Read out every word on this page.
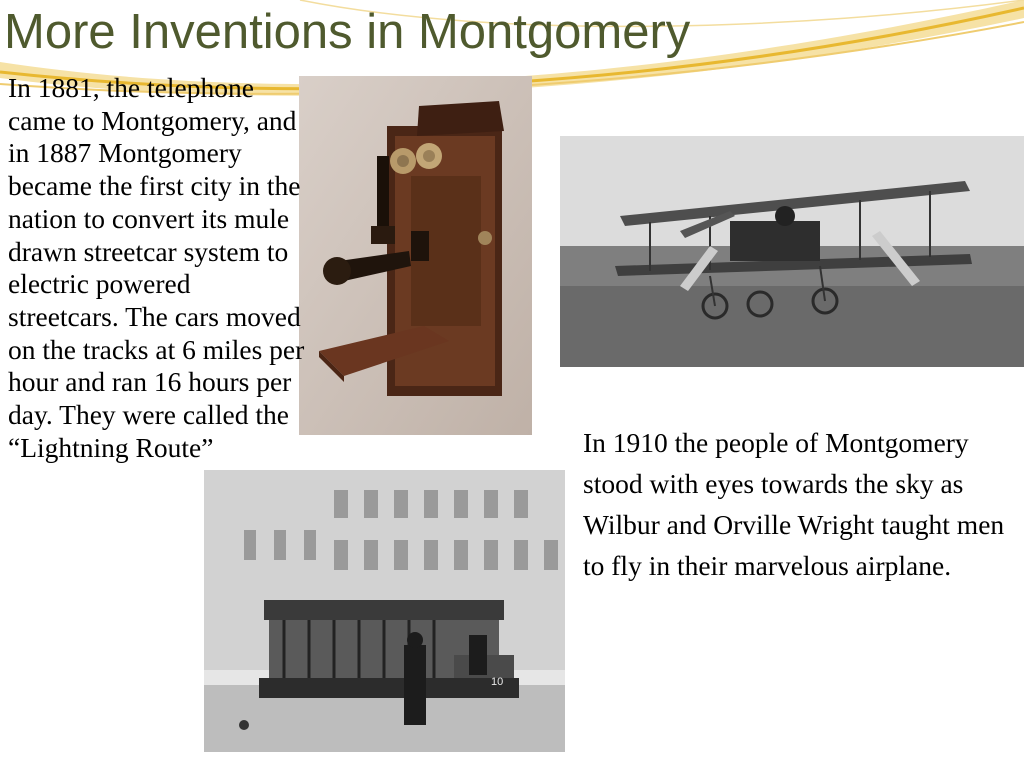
More Inventions in Montgomery
10

In 1881, the telephone came to Montgomery, and in 1887 Montgomery became the first city in the nation to convert its mule drawn streetcar system to electric powered streetcars. The cars moved on the tracks at 6 miles per hour and ran 16 hours per day. They were called the “Lightning Route”	In 1910 the people of Montgomery stood with eyes towards the sky as Wilbur and Orville Wright taught men to fly in their marvelous airplane.
